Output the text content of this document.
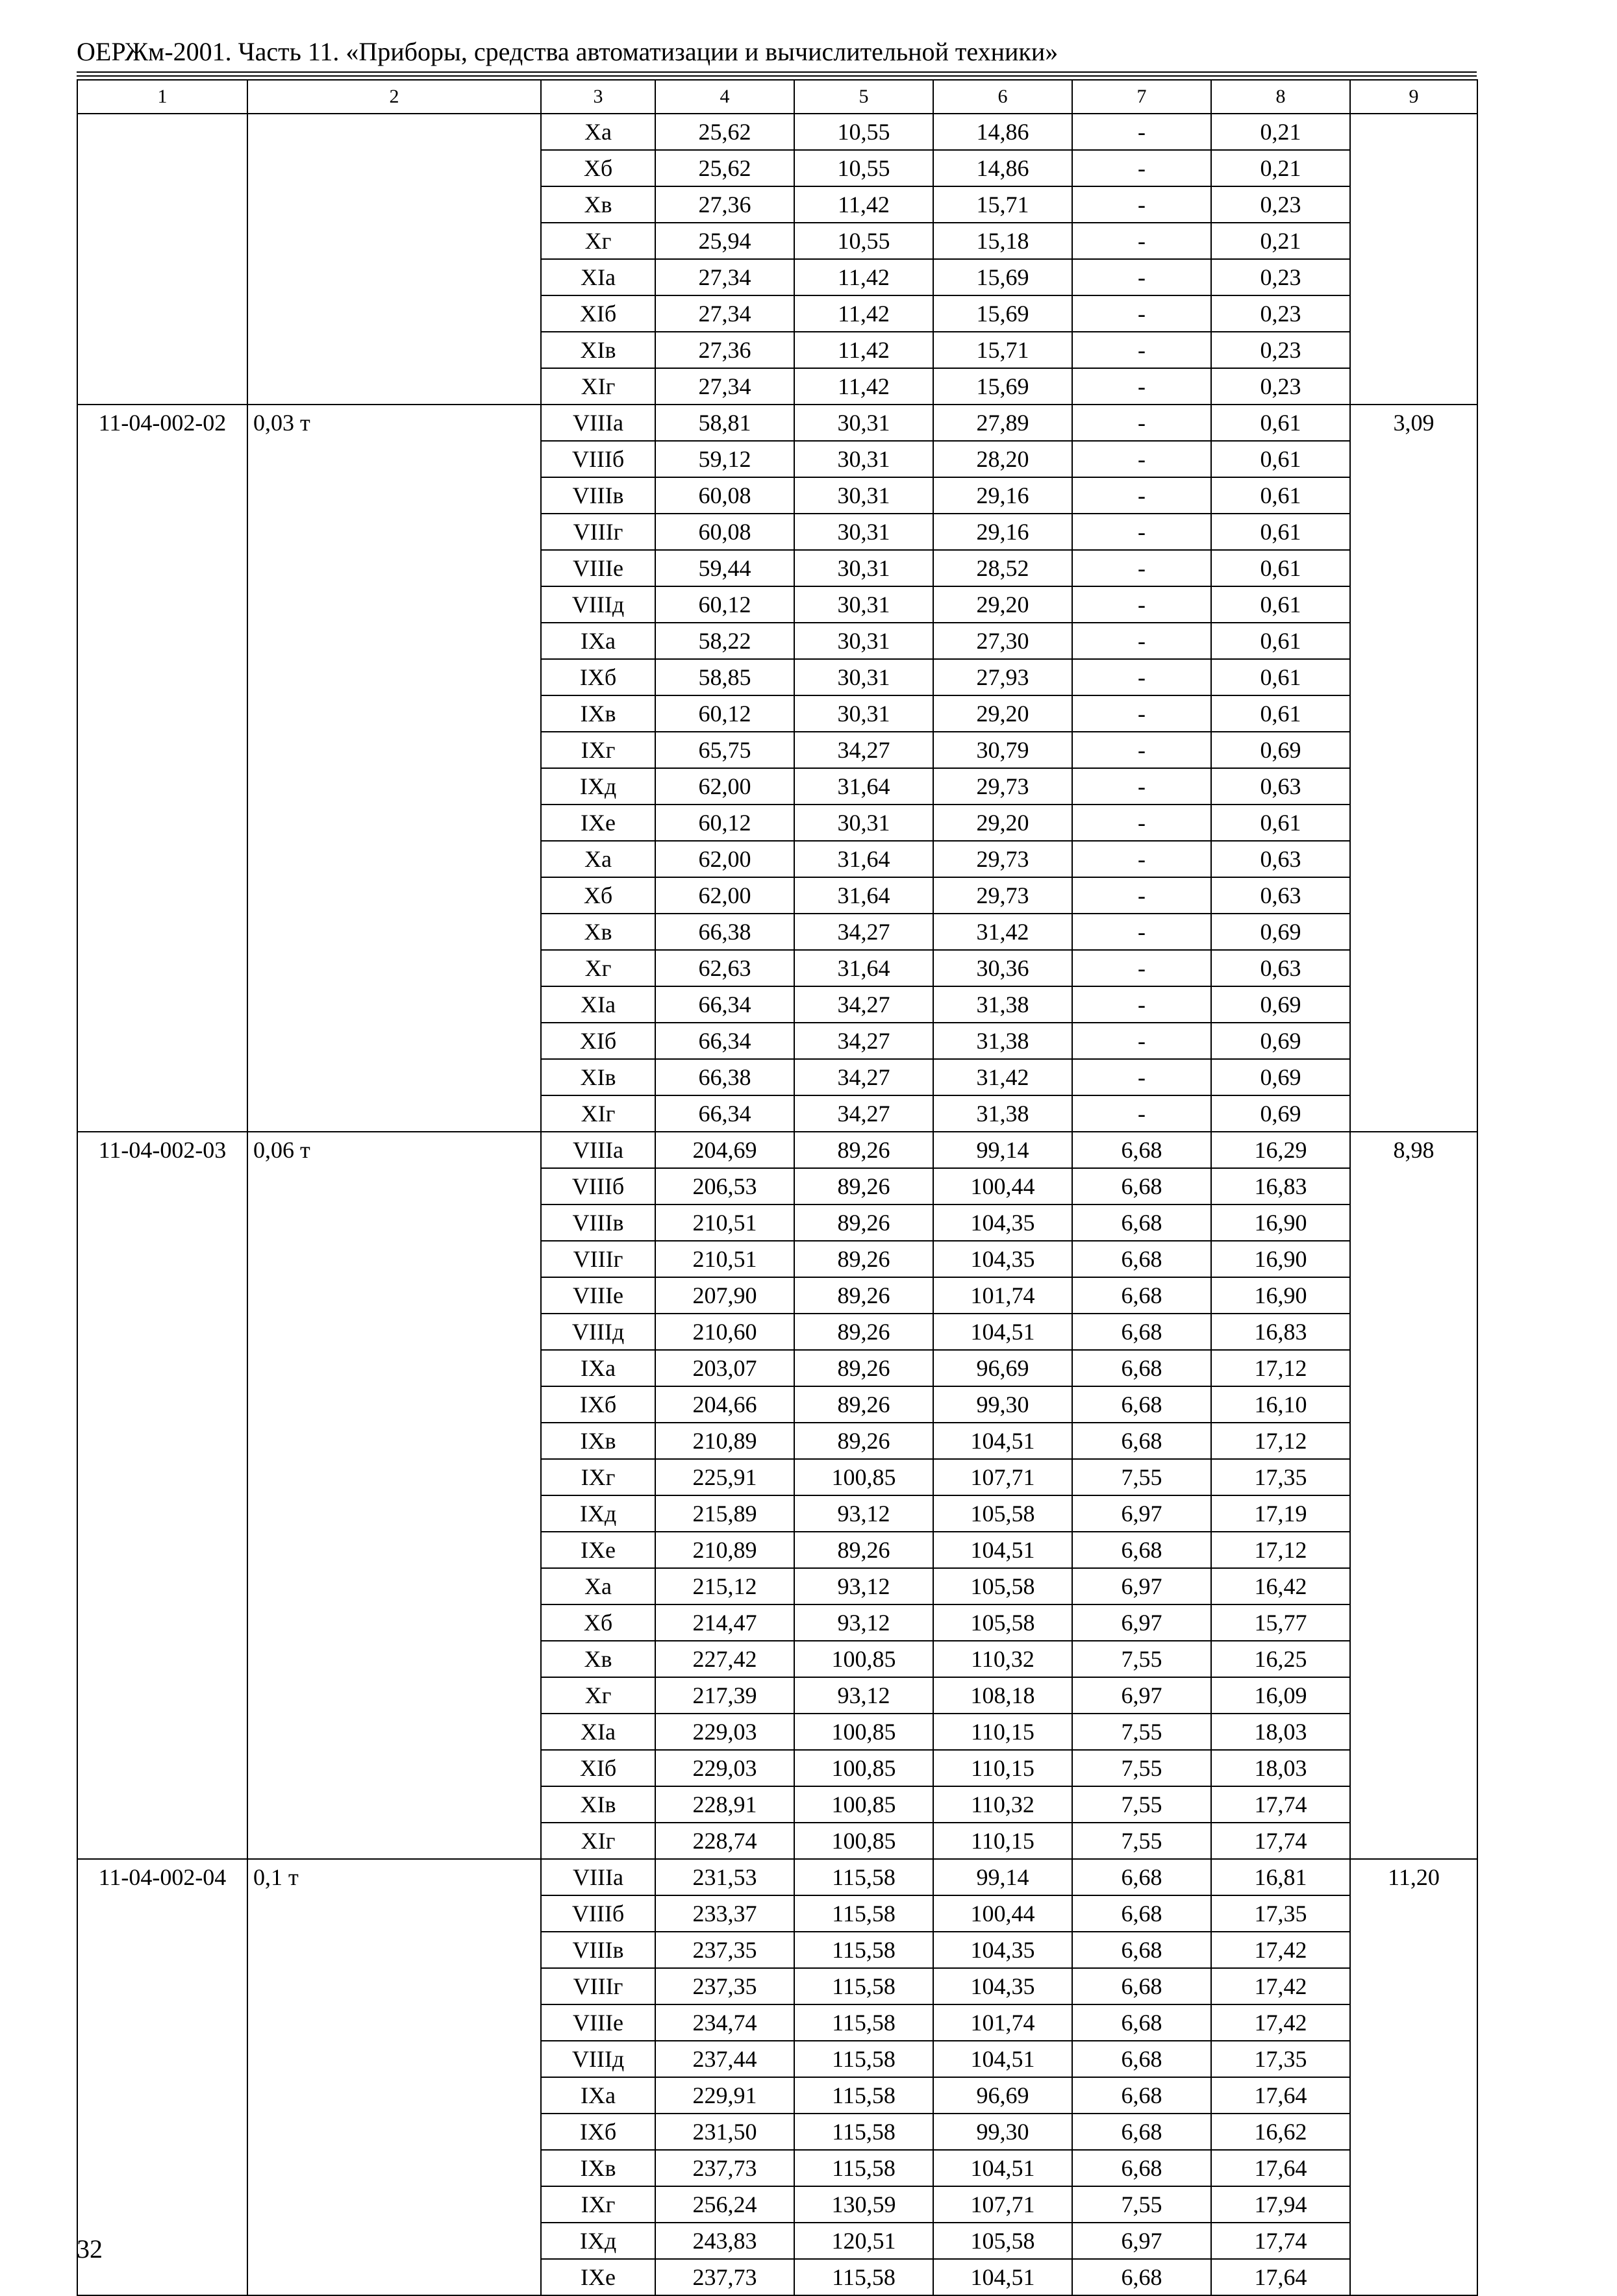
ОЕРЖм-2001. Часть 11. «Приборы, средства автоматизации и вычислительной техники»
1	2	3	4	5	6	7	8	9
		Xа	25,62	10,55	14,86	-	0,21	
		Xб	25,62	10,55	14,86	-	0,21	
		Xв	27,36	11,42	15,71	-	0,23	
		Xг	25,94	10,55	15,18	-	0,21	
		XIа	27,34	11,42	15,69	-	0,23	
		XIб	27,34	11,42	15,69	-	0,23	
		XIв	27,36	11,42	15,71	-	0,23	
		XIг	27,34	11,42	15,69	-	0,23	
11-04-002-02	0,03 т	VIIIа	58,81	30,31	27,89	-	0,61	3,09
		VIIIб	59,12	30,31	28,20	-	0,61	
		VIIIв	60,08	30,31	29,16	-	0,61	
		VIIIг	60,08	30,31	29,16	-	0,61	
		VIIIе	59,44	30,31	28,52	-	0,61	
		VIIIд	60,12	30,31	29,20	-	0,61	
		IXа	58,22	30,31	27,30	-	0,61	
		IXб	58,85	30,31	27,93	-	0,61	
		IXв	60,12	30,31	29,20	-	0,61	
		IXг	65,75	34,27	30,79	-	0,69	
		IXд	62,00	31,64	29,73	-	0,63	
		IXе	60,12	30,31	29,20	-	0,61	
		Xа	62,00	31,64	29,73	-	0,63	
		Xб	62,00	31,64	29,73	-	0,63	
		Xв	66,38	34,27	31,42	-	0,69	
		Xг	62,63	31,64	30,36	-	0,63	
		XIа	66,34	34,27	31,38	-	0,69	
		XIб	66,34	34,27	31,38	-	0,69	
		XIв	66,38	34,27	31,42	-	0,69	
		XIг	66,34	34,27	31,38	-	0,69	
11-04-002-03	0,06 т	VIIIа	204,69	89,26	99,14	6,68	16,29	8,98
		VIIIб	206,53	89,26	100,44	6,68	16,83	
		VIIIв	210,51	89,26	104,35	6,68	16,90	
		VIIIг	210,51	89,26	104,35	6,68	16,90	
		VIIIе	207,90	89,26	101,74	6,68	16,90	
		VIIIд	210,60	89,26	104,51	6,68	16,83	
		IXа	203,07	89,26	96,69	6,68	17,12	
		IXб	204,66	89,26	99,30	6,68	16,10	
		IXв	210,89	89,26	104,51	6,68	17,12	
		IXг	225,91	100,85	107,71	7,55	17,35	
		IXд	215,89	93,12	105,58	6,97	17,19	
		IXе	210,89	89,26	104,51	6,68	17,12	
		Xа	215,12	93,12	105,58	6,97	16,42	
		Xб	214,47	93,12	105,58	6,97	15,77	
		Xв	227,42	100,85	110,32	7,55	16,25	
		Xг	217,39	93,12	108,18	6,97	16,09	
		XIа	229,03	100,85	110,15	7,55	18,03	
		XIб	229,03	100,85	110,15	7,55	18,03	
		XIв	228,91	100,85	110,32	7,55	17,74	
		XIг	228,74	100,85	110,15	7,55	17,74	
11-04-002-04	0,1 т	VIIIа	231,53	115,58	99,14	6,68	16,81	11,20
		VIIIб	233,37	115,58	100,44	6,68	17,35	
		VIIIв	237,35	115,58	104,35	6,68	17,42	
		VIIIг	237,35	115,58	104,35	6,68	17,42	
		VIIIе	234,74	115,58	101,74	6,68	17,42	
		VIIIд	237,44	115,58	104,51	6,68	17,35	
		IXа	229,91	115,58	96,69	6,68	17,64	
		IXб	231,50	115,58	99,30	6,68	16,62	
		IXв	237,73	115,58	104,51	6,68	17,64	
		IXг	256,24	130,59	107,71	7,55	17,94	
		IXд	243,83	120,51	105,58	6,97	17,74	
		IXе	237,73	115,58	104,51	6,68	17,64	
32
